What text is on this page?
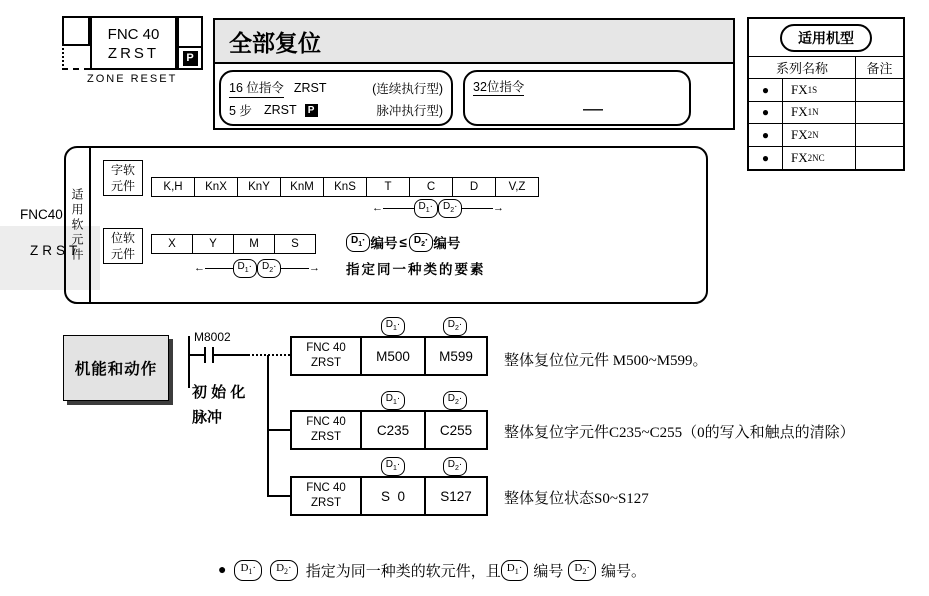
FNC 40
ZRST	P
ZONE RESET
全部复位
16 位指令 ZRST	(连续执行型)
5 步 ZRST	P	脉冲执行型)
32位指令
—
适用机型
系列名称	备注
●	FX 1S
●	FX 1N
●	FX 2N
●	FX 2NC
FNC40
ZRST
适用软元件
字软
元件	K,H	KnX	KnY	KnM	KnS	T	C	D	V,Z
←	$D_1\cdot$	$D_2\cdot$	→
位软
元件
X	Y	M	S
←	$D_1\cdot$	$D_2\cdot$	→
$D_1\cdot$ 编号 ≤ $D_2\cdot$ 编号
指定同一种类的要素
机能和动作
M8002
初 始 化
脉冲
$D_1\cdot$	$D_2\cdot$
FNC 40
ZRST	M500	M599	整体复位位元件 M500~M599。
$D_1\cdot$	$D_2\cdot$
FNC 40
ZRST	C235	C255	整体复位字元件C235~C255（0的写入和触点的清除）
$D_1\cdot$	$D_2\cdot$
FNC 40
ZRST	S  0	S127	整体复位状态S0~S127
●	$D_1\cdot$	$D_2\cdot$ 指定为同一种类的软元件，且 $D_1\cdot$ 编号	$D_2\cdot$ 编号。
